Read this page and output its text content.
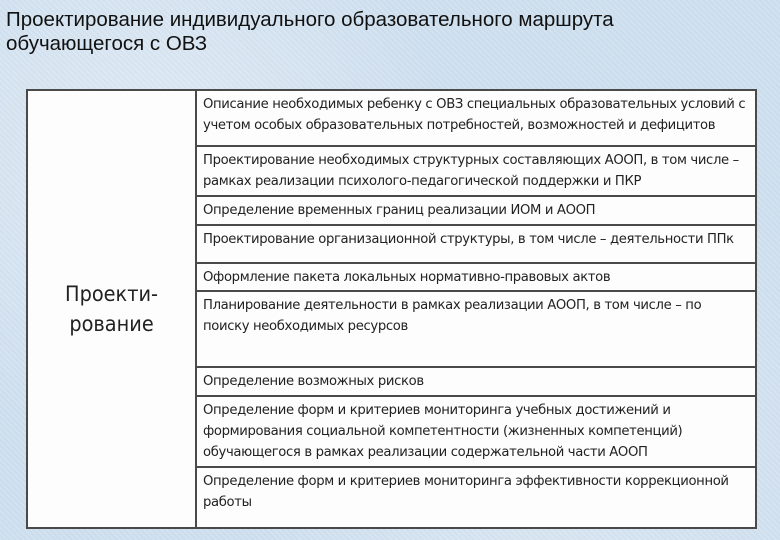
Проектирование индивидуального образовательного маршрута
обучающегося с ОВЗ
Проекти-
рование
Описание необходимых ребенку с ОВЗ специальных образовательных условий с учетом особых образовательных потребностей, возможностей и дефицитов
Проектирование необходимых структурных составляющих АООП, в том числе – рамках реализации психолого-педагогической поддержки и ПКР
Определение временных границ реализации ИОМ и АООП
Проектирование организационной структуры, в том числе – деятельности ППк
Оформление пакета локальных нормативно-правовых актов
Планирование деятельности в рамках реализации АООП, в том числе – по поиску необходимых ресурсов
Определение возможных рисков
Определение форм и критериев мониторинга учебных достижений и формирования социальной компетентности (жизненных компетенций) обучающегося в рамках реализации содержательной части АООП
Определение форм и критериев мониторинга эффективности коррекционной работы
